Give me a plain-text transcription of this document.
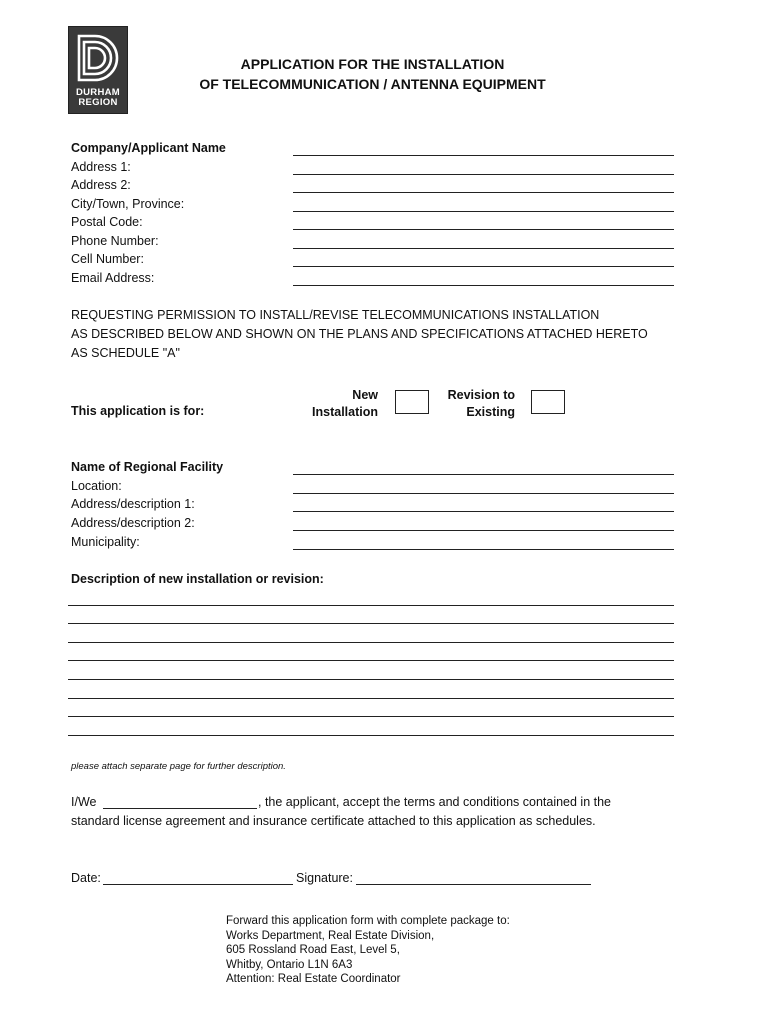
DURHAM
REGION
APPLICATION FOR THE INSTALLATION
OF TELECOMMUNICATION / ANTENNA EQUIPMENT
Company/Applicant Name
Address 1:
Address 2:
City/Town, Province:
Postal Code:
Phone Number:
Cell Number:
Email Address:
REQUESTING PERMISSION TO INSTALL/REVISE TELECOMMUNICATIONS INSTALLATION
AS DESCRIBED BELOW AND SHOWN ON THE PLANS AND SPECIFICATIONS ATTACHED HERETO
AS SCHEDULE "A"
This application is for:
New
Installation
Revision to
Existing
Name of Regional Facility
Location:
Address/description 1:
Address/description 2:
Municipality:
Description of new installation or revision:
please attach separate page for further description.
I/We	, the applicant, accept the terms and conditions contained in the
standard license agreement and insurance certificate attached to this application as schedules.
Date:	Signature:
Forward this application form with complete package to:
Works Department, Real Estate Division,
605 Rossland Road East, Level 5,
Whitby, Ontario L1N 6A3
Attention: Real Estate Coordinator
